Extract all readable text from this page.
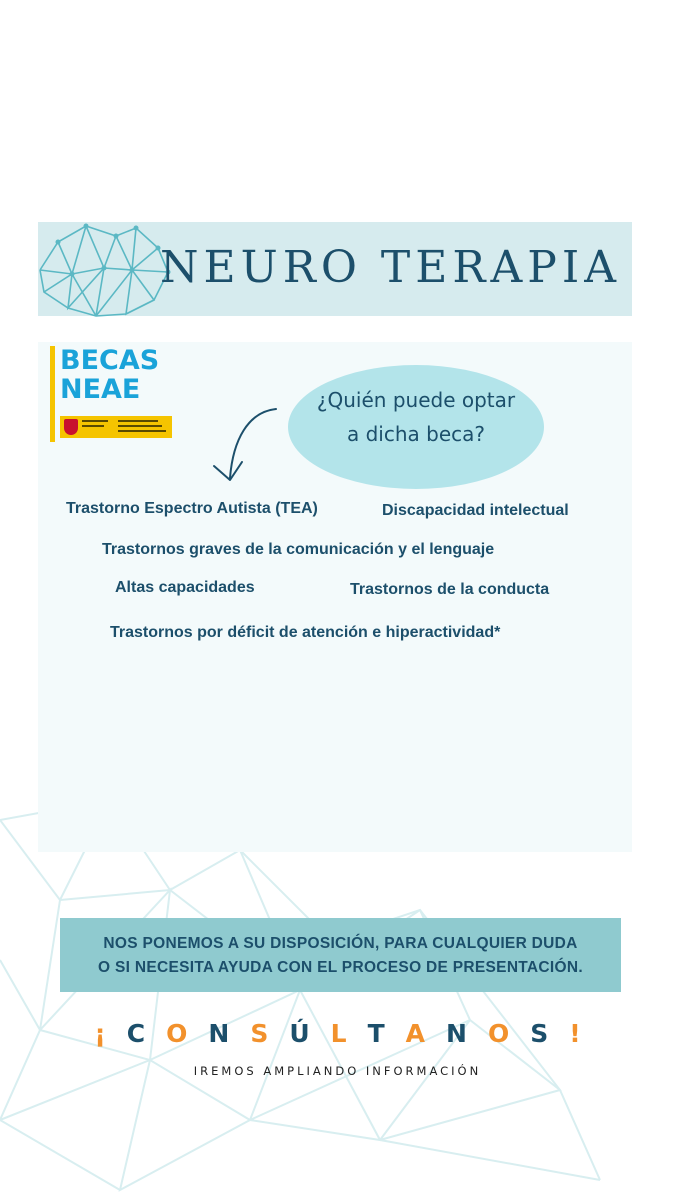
NEURO TERAPIA
BECAS
NEAE	¿Quién puede optar
a dicha beca?
Trastorno Espectro Autista (TEA)	Discapacidad intelectual
Trastornos graves de la comunicación y el lenguaje
Altas capacidades	Trastornos de la conducta
Trastornos por déficit de atención e hiperactividad*
NOS PONEMOS A SU DISPOSICIÓN, PARA CUALQUIER DUDA
O SI NECESITA AYUDA CON EL PROCESO DE PRESENTACIÓN.
¡CONSÚLTANOS!
IREMOS AMPLIANDO INFORMACIÓN
